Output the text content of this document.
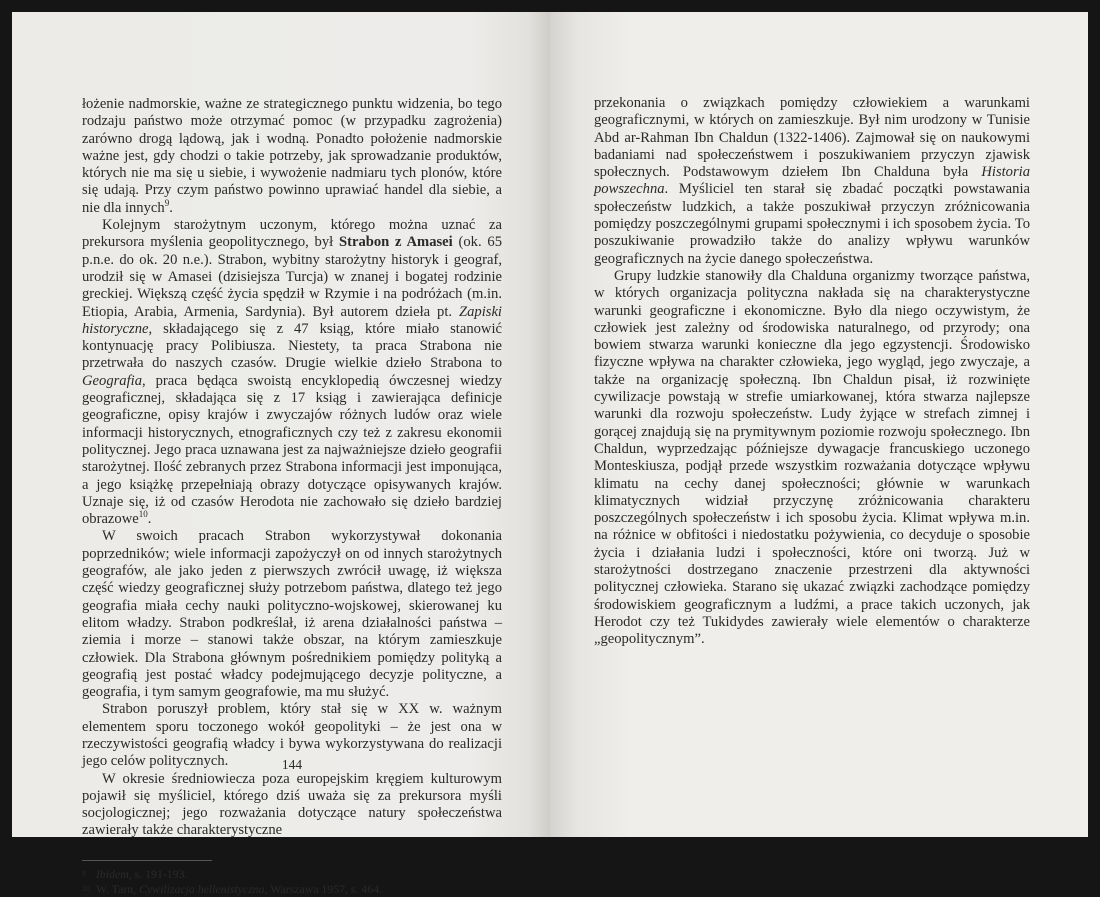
łożenie nadmorskie, ważne ze strategicznego punktu widzenia, bo tego rodzaju państwo może otrzymać pomoc (w przypadku zagrożenia) zarówno drogą lądową, jak i wodną. Ponadto położenie nadmorskie ważne jest, gdy chodzi o takie potrzeby, jak sprowadzanie produktów, których nie ma się u siebie, i wywożenie nadmiaru tych plonów, które się udają. Przy czym państwo powinno uprawiać handel dla siebie, a nie dla innych$^9$.

Kolejnym starożytnym uczonym, którego można uznać za prekursora myślenia geopolitycznego, był Strabon z Amasei (ok. 65 p.n.e. do ok. 20 n.e.). Strabon, wybitny starożytny historyk i geograf, urodził się w Amasei (dzisiejsza Turcja) w znanej i bogatej rodzinie greckiej. Większą część życia spędził w Rzymie i na podróżach (m.in. Etiopia, Arabia, Armenia, Sardynia). Był autorem dzieła pt. Zapiski historyczne, składającego się z 47 ksiąg, które miało stanowić kontynuację pracy Polibiusza. Niestety, ta praca Strabona nie przetrwała do naszych czasów. Drugie wielkie dzieło Strabona to Geografia, praca będąca swoistą encyklopedią ówczesnej wiedzy geograficznej, składająca się z 17 ksiąg i zawierająca definicje geograficzne, opisy krajów i zwyczajów różnych ludów oraz wiele informacji historycznych, etnograficznych czy też z zakresu ekonomii politycznej. Jego praca uznawana jest za najważniejsze dzieło geografii starożytnej. Ilość zebranych przez Strabona informacji jest imponująca, a jego książkę przepełniają obrazy dotyczące opisywanych krajów. Uznaje się, iż od czasów Herodota nie zachowało się dzieło bardziej obrazowe$^{10}$.

W swoich pracach Strabon wykorzystywał dokonania poprzedników; wiele informacji zapożyczył on od innych starożytnych geografów, ale jako jeden z pierwszych zwrócił uwagę, iż większa część wiedzy geograficznej służy potrzebom państwa, dlatego też jego geografia miała cechy nauki polityczno-wojskowej, skierowanej ku elitom władzy. Strabon podkreślał, iż arena działalności państwa – ziemia i morze – stanowi także obszar, na którym zamieszkuje człowiek. Dla Strabona głównym pośrednikiem pomiędzy polityką a geografią jest postać władcy podejmującego decyzje polityczne, a geografia, i tym samym geografowie, ma mu służyć.

Strabon poruszył problem, który stał się w XX w. ważnym elementem sporu toczonego wokół geopolityki – że jest ona w rzeczywistości geografią władcy i bywa wykorzystywana do realizacji jego celów politycznych.

W okresie średniowiecza poza europejskim kręgiem kulturowym pojawił się myśliciel, którego dziś uważa się za prekursora myśli socjologicznej; jego rozważania dotyczące natury społeczeństwa zawierały także charakterystyczne

9 Ibidem, s. 191-193.

10 W. Tarn, Cywilizacja hellenistyczna, Warszawa 1957, s. 464.

144

przekonania o związkach pomiędzy człowiekiem a warunkami geograficznymi, w których on zamieszkuje. Był nim urodzony w Tunisie Abd ar-Rahman Ibn Chaldun (1322-1406). Zajmował się on naukowymi badaniami nad społeczeństwem i poszukiwaniem przyczyn zjawisk społecznych. Podstawowym dziełem Ibn Chalduna była Historia powszechna. Myśliciel ten starał się zbadać początki powstawania społeczeństw ludzkich, a także poszukiwał przyczyn zróżnicowania pomiędzy poszczególnymi grupami społecznymi i ich sposobem życia. To poszukiwanie prowadziło także do analizy wpływu warunków geograficznych na życie danego społeczeństwa.

Grupy ludzkie stanowiły dla Chalduna organizmy tworzące państwa, w których organizacja polityczna nakłada się na charakterystyczne warunki geograficzne i ekonomiczne. Było dla niego oczywistym, że człowiek jest zależny od środowiska naturalnego, od przyrody; ona bowiem stwarza warunki konieczne dla jego egzystencji. Środowisko fizyczne wpływa na charakter człowieka, jego wygląd, jego zwyczaje, a także na organizację społeczną. Ibn Chaldun pisał, iż rozwinięte cywilizacje powstają w strefie umiarkowanej, która stwarza najlepsze warunki dla rozwoju społeczeństw. Ludy żyjące w strefach zimnej i gorącej znajdują się na prymitywnym poziomie rozwoju społecznego. Ibn Chaldun, wyprzedzając późniejsze dywagacje francuskiego uczonego Monteskiusza, podjął przede wszystkim rozważania dotyczące wpływu klimatu na cechy danej społeczności; głównie w warunkach klimatycznych widział przyczynę zróżnicowania charakteru poszczególnych społeczeństw i ich sposobu życia. Klimat wpływa m.in. na różnice w obfitości i niedostatku pożywienia, co decyduje o sposobie życia i działania ludzi i społeczności, które oni tworzą. Już w starożytności dostrzegano znaczenie przestrzeni dla aktywności politycznej człowieka. Starano się ukazać związki zachodzące pomiędzy środowiskiem geograficznym a ludźmi, a prace takich uczonych, jak Herodot czy też Tukidydes zawierały wiele elementów o charakterze „geopolitycznym”.
